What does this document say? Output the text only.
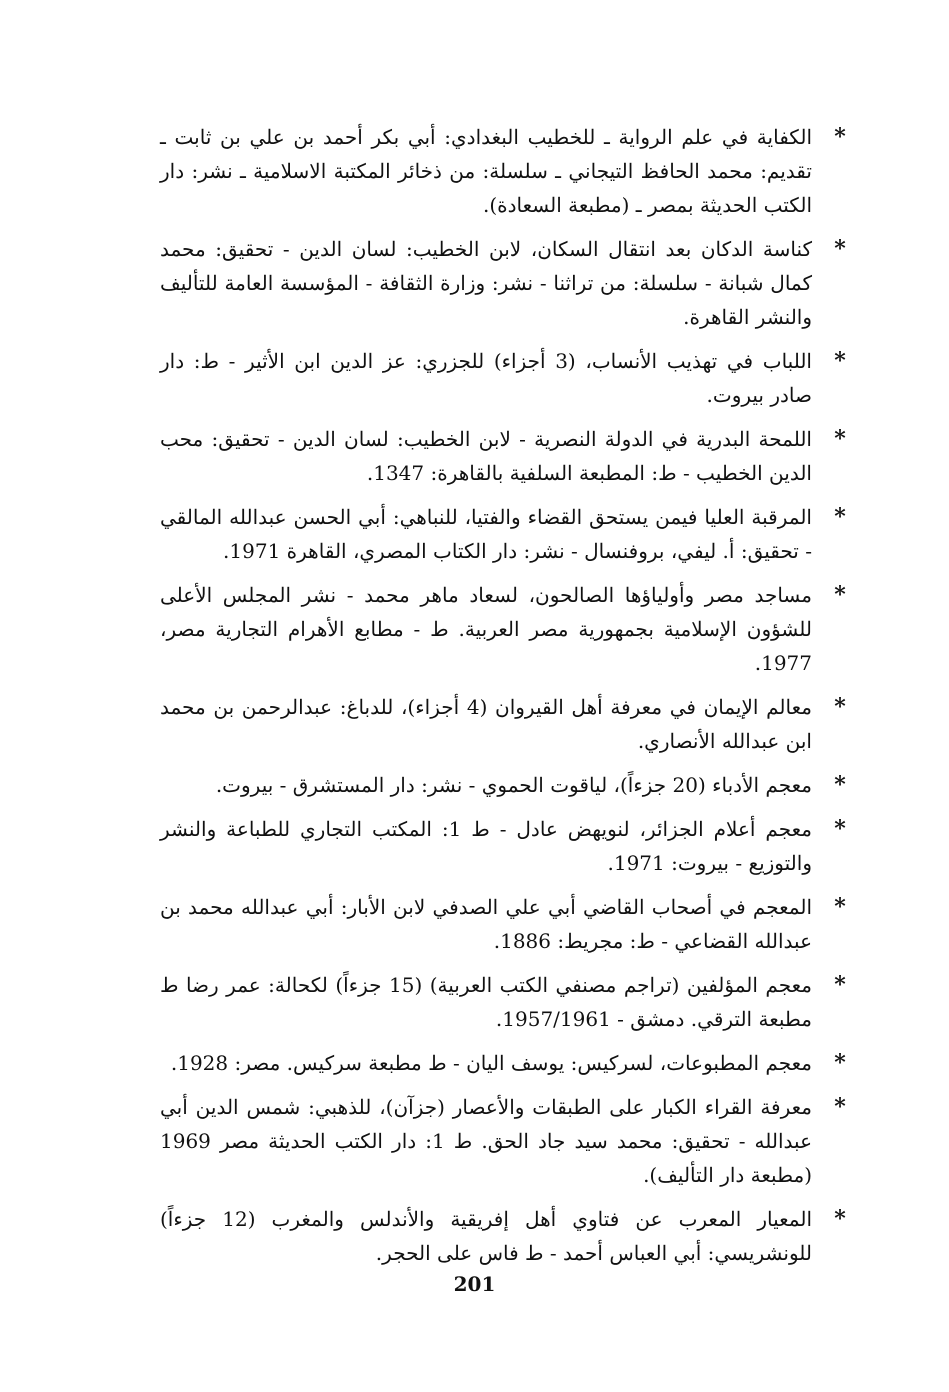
*
الكفاية في علم الرواية ـ للخطيب البغدادي: أبي بكر أحمد بن علي بن ثابت ـ تقديم: محمد الحافظ التيجاني ـ سلسلة: من ذخائر المكتبة الاسلامية ـ نشر: دار الكتب الحديثة بمصر ـ (مطبعة السعادة).
*
كناسة الدكان بعد انتقال السكان، لابن الخطيب: لسان الدين - تحقيق: محمد كمال شبانة - سلسلة: من تراثنا - نشر: وزارة الثقافة - المؤسسة العامة للتأليف والنشر القاهرة.
*
اللباب في تهذيب الأنساب، (3 أجزاء) للجزري: عز الدين ابن الأثير - ط: دار صادر بيروت.
*
اللمحة البدرية في الدولة النصرية - لابن الخطيب: لسان الدين - تحقيق: محب الدين الخطيب - ط: المطبعة السلفية بالقاهرة: 1347.
*
المرقبة العليا فيمن يستحق القضاء والفتيا، للنباهي: أبي الحسن عبدالله المالقي - تحقيق: أ. ليفي، بروفنسال - نشر: دار الكتاب المصري، القاهرة 1971.
*
مساجد مصر وأولياؤها الصالحون، لسعاد ماهر محمد - نشر المجلس الأعلى للشؤون الإسلامية بجمهورية مصر العربية. ط - مطابع الأهرام التجارية مصر، 1977.
*
معالم الإيمان في معرفة أهل القيروان (4 أجزاء)، للدباغ: عبدالرحمن بن محمد ابن عبدالله الأنصاري.
*
معجم الأدباء (20 جزءاً)، لياقوت الحموي - نشر: دار المستشرق - بيروت.
*
معجم أعلام الجزائر، لنويهض عادل - ط 1: المكتب التجاري للطباعة والنشر والتوزيع - بيروت: 1971.
*
المعجم في أصحاب القاضي أبي علي الصدفي لابن الأبار: أبي عبدالله محمد بن عبدالله القضاعي - ط: مجريط: 1886.
*
معجم المؤلفين (تراجم مصنفي الكتب العربية) (15 جزءاً) لكحالة: عمر رضا ط مطبعة الترقي. دمشق - 1957/1961.
*
معجم المطبوعات، لسركيس: يوسف اليان - ط مطبعة سركيس. مصر: 1928.
*
معرفة القراء الكبار على الطبقات والأعصار (جزآن)، للذهبي: شمس الدين أبي عبدالله - تحقيق: محمد سيد جاد الحق. ط 1: دار الكتب الحديثة مصر 1969 (مطبعة دار التأليف).
*
المعيار المعرب عن فتاوي أهل إفريقية والأندلس والمغرب (12 جزءاً) للونشريسي: أبي العباس أحمد - ط فاس على الحجر.
201
